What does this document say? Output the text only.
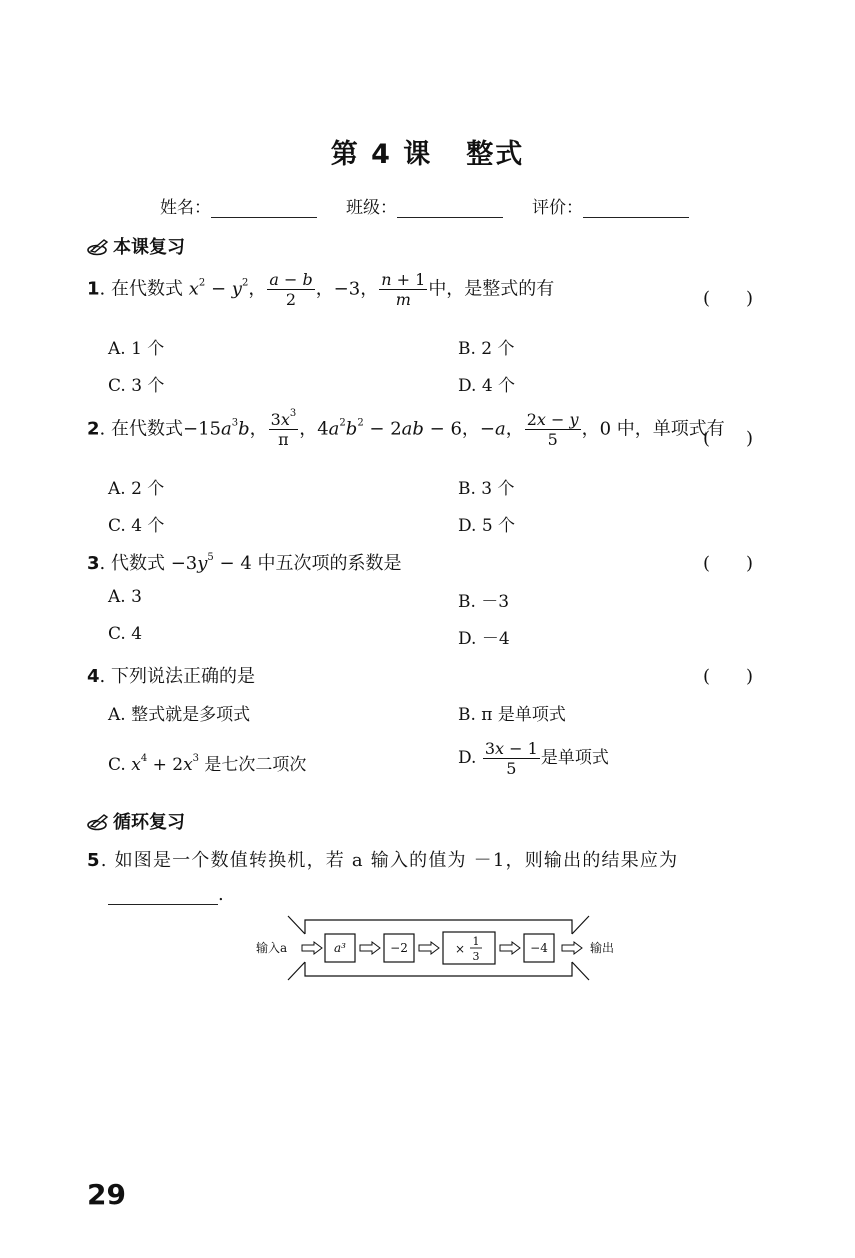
第 4 课 整式
姓名：	班级：	评价：
本课复习
1. 在代数式 $x^2 - y^2$， $\frac{a - b}{2}$ ，−3， $\frac{n + 1}{m}$ 中，是整式的有	(　　)
A. 1 个	B. 2 个
C. 3 个	D. 4 个
2. 在代数式$-15a^3b$， $\frac{3x^3}{\pi}$ ，$4a^2b^2 - 2ab - 6$，−a， $\frac{2x - y}{5}$ ，0 中，单项式有
(　　)
A. 2 个	B. 3 个
C. 4 个	D. 5 个
3. 代数式 $-3y^5 - 4$ 中五次项的系数是	(　　)
A. 3	B. －3
C. 4	D. －4
4. 下列说法正确的是	(　　)
A. 整式就是多项式	B. π 是单项式
C. $x^4 + 2x^3$ 是七次二项次	D. $\frac{3x - 1}{5}$ 是单项式
循环复习
5. 如图是一个数值转换机，若 a 输入的值为 －1，则输出的结果应为
.
输入a	a³	−2	×
1
3
−4	输出
29
